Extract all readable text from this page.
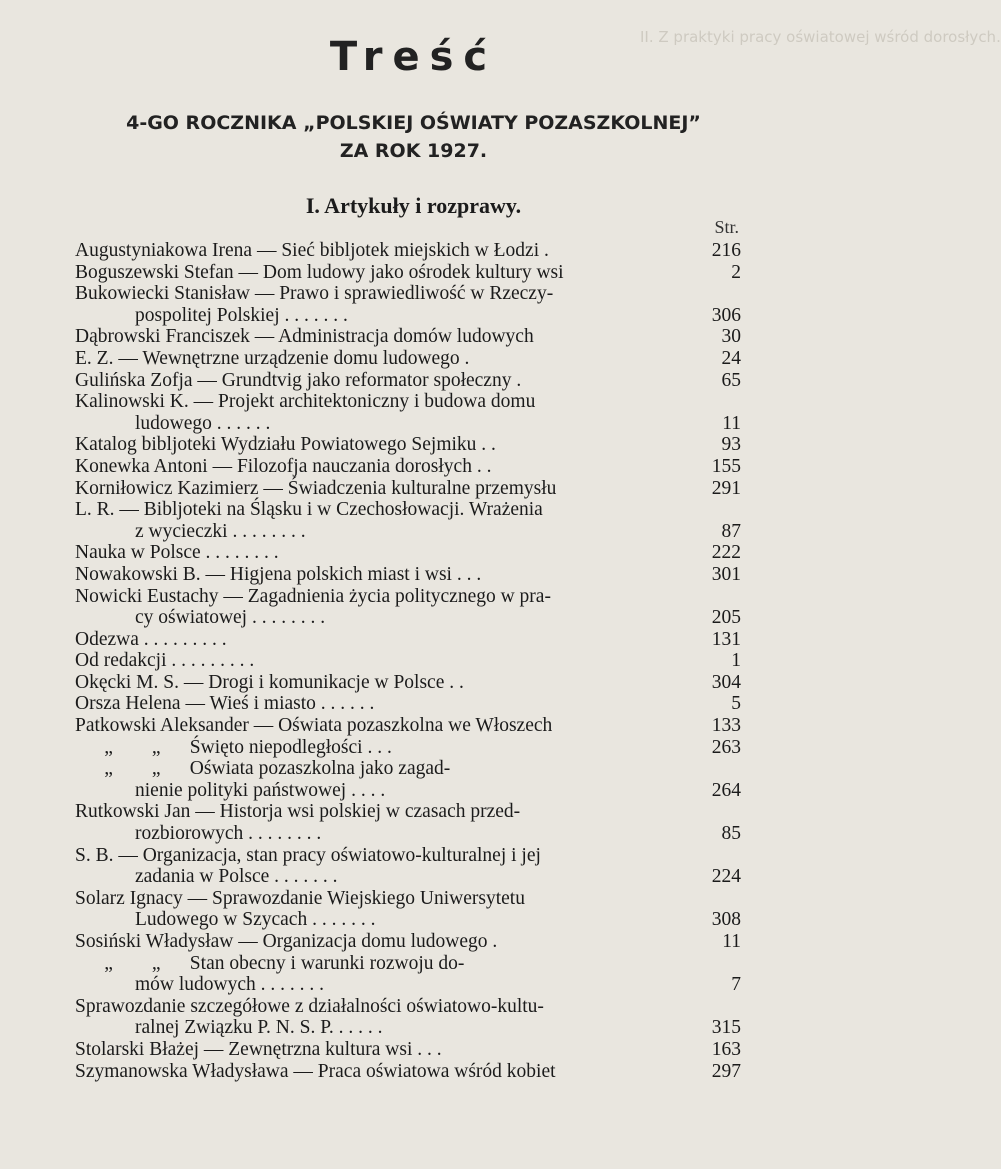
II. Z praktyki pracy oświatowej wśród dorosłych.
Treść
4-GO ROCZNIKA „POLSKIEJ OŚWIATY POZASZKOLNEJ”
ZA ROK 1927.
I. Artykuły i rozprawy.
Str.
Augustyniakowa Irena — Sieć bibljotek miejskich w Łodzi .	216
Boguszewski Stefan — Dom ludowy jako ośrodek kultury wsi	2
Bukowiecki Stanisław — Prawo i sprawiedliwość w Rzeczy-
pospolitej Polskiej . . . . . . .	306
Dąbrowski Franciszek — Administracja domów ludowych	30
E. Z. — Wewnętrzne urządzenie domu ludowego .	24
Gulińska Zofja — Grundtvig jako reformator społeczny .	65
Kalinowski K. — Projekt architektoniczny i budowa domu
ludowego . . . . . .	11
Katalog bibljoteki Wydziału Powiatowego Sejmiku . .	93
Konewka Antoni — Filozofja nauczania dorosłych . .	155
Korniłowicz Kazimierz — Świadczenia kulturalne przemysłu	291
L. R. — Bibljoteki na Śląsku i w Czechosłowacji. Wrażenia
z wycieczki . . . . . . . .	87
Nauka w Polsce . . . . . . . .	222
Nowakowski B. — Higjena polskich miast i wsi . . .	301
Nowicki Eustachy — Zagadnienia życia politycznego w pra-
cy oświatowej . . . . . . . .	205
Odezwa . . . . . . . . .	131
Od redakcji . . . . . . . . .	1
Okęcki M. S. — Drogi i komunikacje w Polsce . .	304
Orsza Helena — Wieś i miasto . . . . . .	5
Patkowski Aleksander — Oświata pozaszkolna we Włoszech	133
„        „      Święto niepodległości . . .	263
„        „      Oświata pozaszkolna jako zagad-
nienie polityki państwowej . . . .	264
Rutkowski Jan — Historja wsi polskiej w czasach przed-
rozbiorowych . . . . . . . .	85
S. B. — Organizacja, stan pracy oświatowo-kulturalnej i jej
zadania w Polsce . . . . . . .	224
Solarz Ignacy — Sprawozdanie Wiejskiego Uniwersytetu
Ludowego w Szycach . . . . . . .	308
Sosiński Władysław — Organizacja domu ludowego .	11
„        „      Stan obecny i warunki rozwoju do-
mów ludowych . . . . . . .	7
Sprawozdanie szczegółowe z działalności oświatowo-kultu-
ralnej Związku P. N. S. P. . . . . .	315
Stolarski Błażej — Zewnętrzna kultura wsi . . .	163
Szymanowska Władysława — Praca oświatowa wśród kobiet	297
